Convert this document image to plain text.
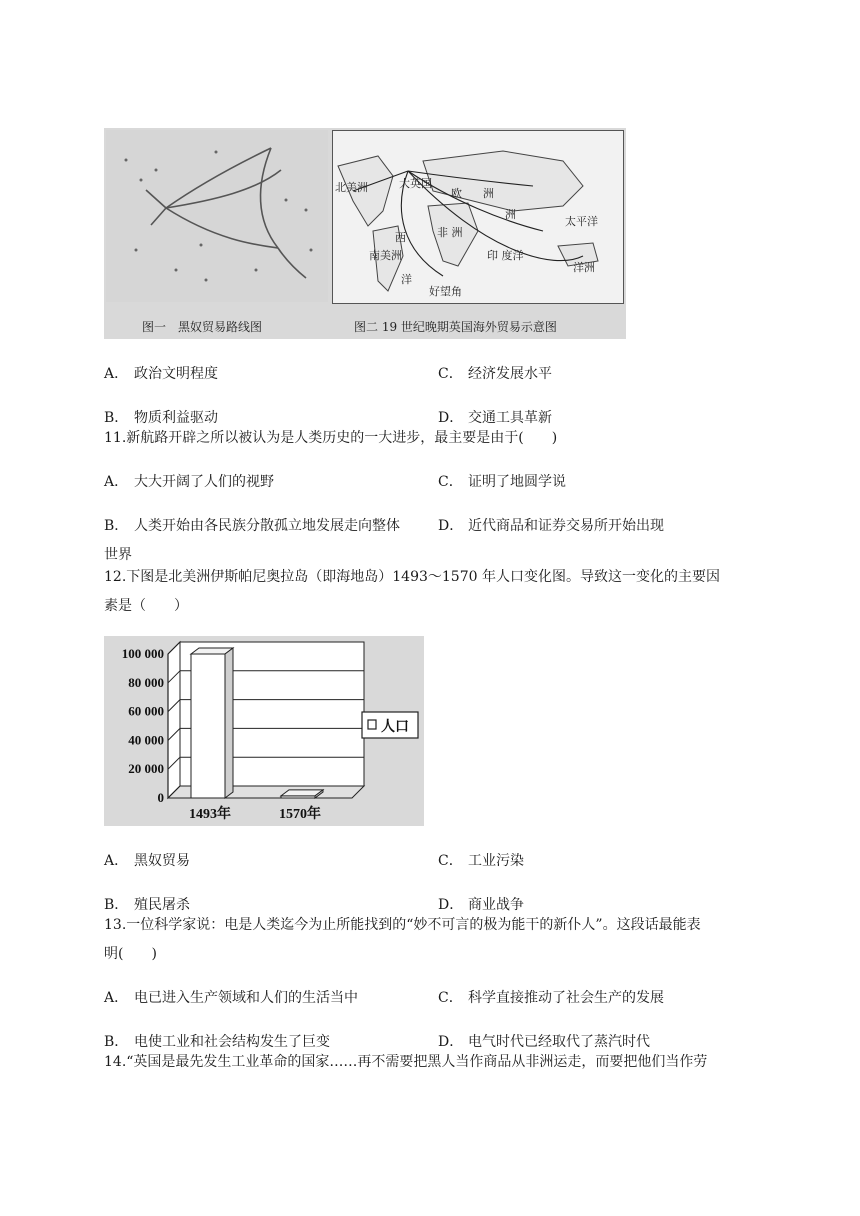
北美洲	大英国
欧 洲
洲
太平洋
西	非 洲
南美洲	印 度洋
洋
洋洲
好望角
图一　黑奴贸易路线图	图二 19 世纪晚期英国海外贸易示意图
A． 政治文明程度	C． 经济发展水平
B． 物质利益驱动	D． 交通工具革新
11.新航路开辟之所以被认为是人类历史的一大进步，最主要是由于(　　)
A． 大大开阔了人们的视野	C． 证明了地圆学说
B． 人类开始由各民族分散孤立地发展走向整体	D． 近代商品和证券交易所开始出现
世界
12.下图是北美洲伊斯帕尼奥拉岛（即海地岛）1493～1570 年人口变化图。导致这一变化的主要因
素是（　　）
100 000
80 000
60 000
40 000
20 000
0
1493年	1570年
人口
A． 黑奴贸易	C． 工业污染
B． 殖民屠杀	D． 商业战争
13.一位科学家说：电是人类迄今为止所能找到的“妙不可言的极为能干的新仆人”。这段话最能表
明(　　)
A． 电已进入生产领域和人们的生活当中	C． 科学直接推动了社会生产的发展
B． 电使工业和社会结构发生了巨变	D． 电气时代已经取代了蒸汽时代
14.“英国是最先发生工业革命的国家……再不需要把黑人当作商品从非洲运走，而要把他们当作劳
